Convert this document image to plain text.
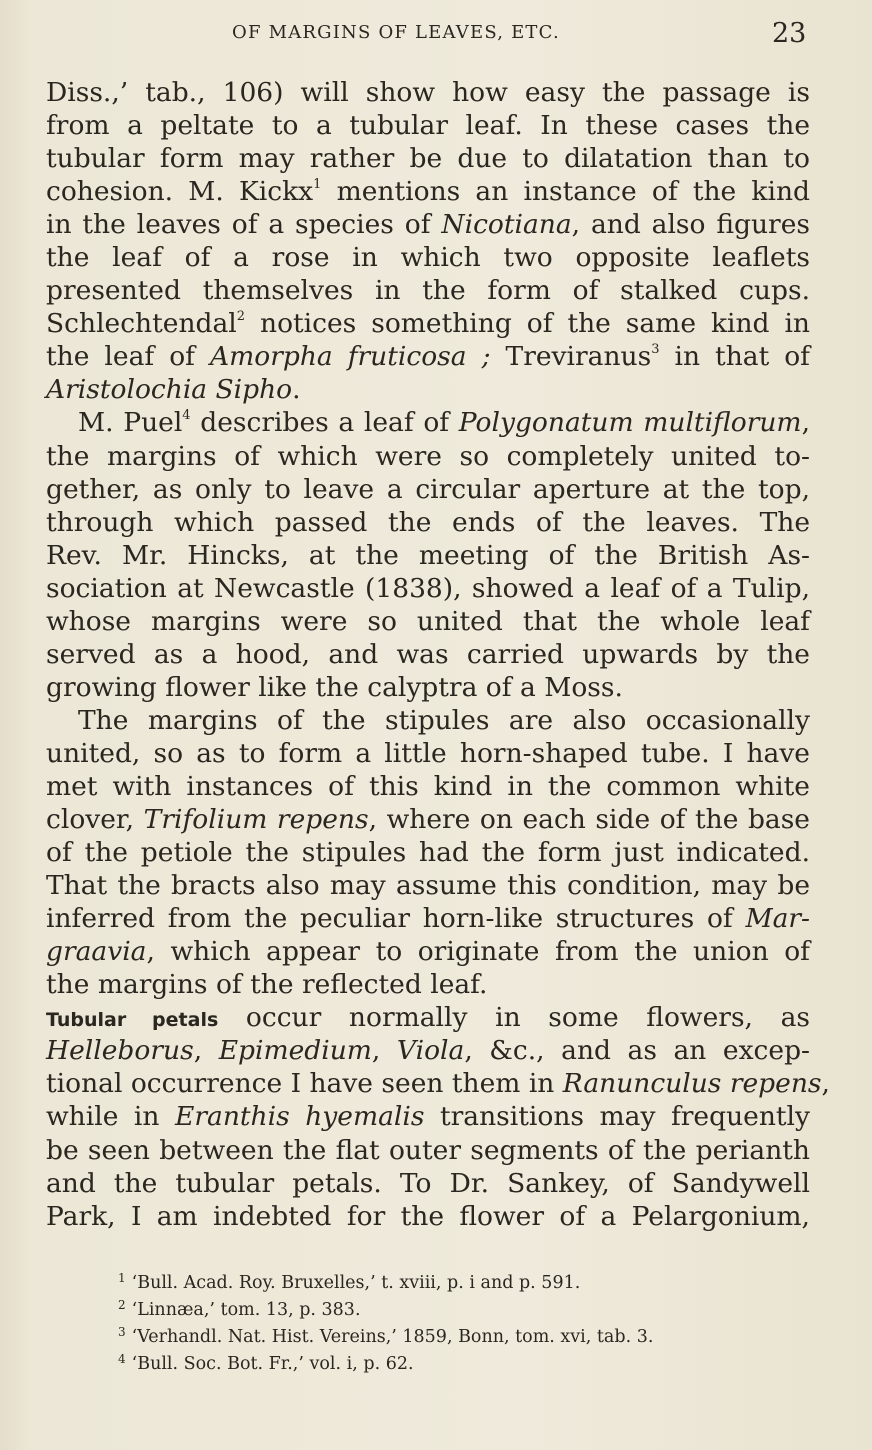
OF MARGINS OF LEAVES, ETC.	23
Diss.,’ tab., 106) will show how easy the passage is
from a peltate to a tubular leaf. In these cases the
tubular form may rather be due to dilatation than to
cohesion. M. Kickx$^1$ mentions an instance of the kind
in the leaves of a species of Nicotiana, and also figures
the leaf of a rose in which two opposite leaflets
presented themselves in the form of stalked cups.
Schlechtendal$^2$ notices something of the same kind in
the leaf of Amorpha fruticosa ; Treviranus$^3$ in that of
Aristolochia Sipho.
M. Puel$^4$ describes a leaf of Polygonatum multiflorum,
the margins of which were so completely united to-
gether, as only to leave a circular aperture at the top,
through which passed the ends of the leaves. The
Rev. Mr. Hincks, at the meeting of the British As-
sociation at Newcastle (1838), showed a leaf of a Tulip,
whose margins were so united that the whole leaf
served as a hood, and was carried upwards by the
growing flower like the calyptra of a Moss.
The margins of the stipules are also occasionally
united, so as to form a little horn-shaped tube. I have
met with instances of this kind in the common white
clover, Trifolium repens, where on each side of the base
of the petiole the stipules had the form just indicated.
That the bracts also may assume this condition, may be
inferred from the peculiar horn-like structures of Mar-
graavia, which appear to originate from the union of
the margins of the reflected leaf.
Tubular petals occur normally in some flowers, as
Helleborus, Epimedium, Viola, &c., and as an excep-
tional occurrence I have seen them in Ranunculus repens,
while in Eranthis hyemalis transitions may frequently
be seen between the flat outer segments of the perianth
and the tubular petals. To Dr. Sankey, of Sandywell
Park, I am indebted for the flower of a Pelargonium,
$^1$ ‘Bull. Acad. Roy. Bruxelles,’ t. xviii, p. i and p. 591.
$^2$ ‘Linnæa,’ tom. 13, p. 383.
$^3$ ‘Verhandl. Nat. Hist. Vereins,’ 1859, Bonn, tom. xvi, tab. 3.
$^4$ ‘Bull. Soc. Bot. Fr.,’ vol. i, p. 62.
